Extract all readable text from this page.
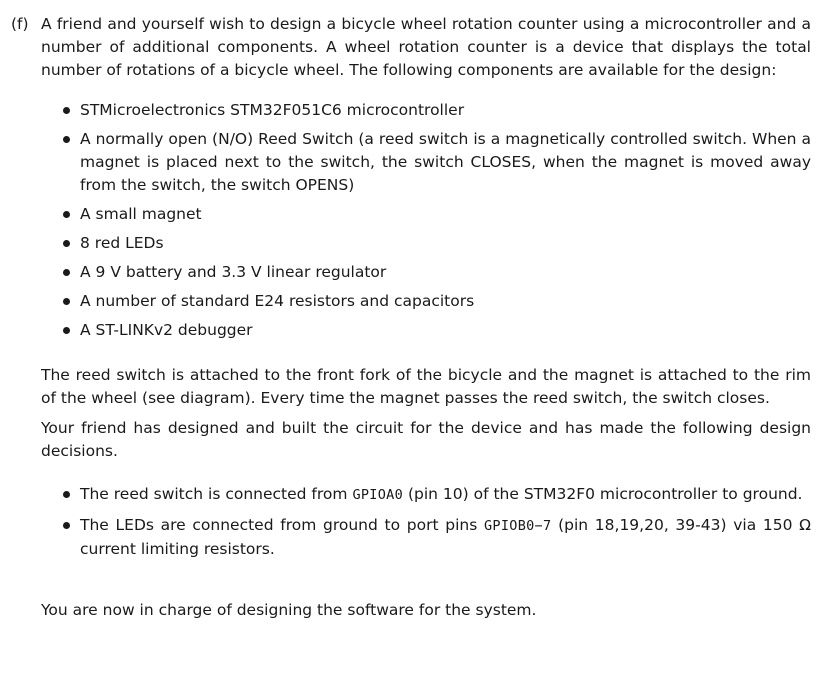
(f) A friend and yourself wish to design a bicycle wheel rotation counter using a microcontroller and a number of additional components. A wheel rotation counter is a device that displays the total number of rotations of a bicycle wheel. The following components are available for the design:

STMicroelectronics STM32F051C6 microcontroller
A normally open (N/O) Reed Switch (a reed switch is a magnetically controlled switch. When a magnet is placed next to the switch, the switch CLOSES, when the magnet is moved away from the switch, the switch OPENS)
A small magnet
8 red LEDs
A 9 V battery and 3.3 V linear regulator
A number of standard E24 resistors and capacitors
A ST-LINKv2 debugger

The reed switch is attached to the front fork of the bicycle and the magnet is attached to the rim of the wheel (see diagram). Every time the magnet passes the reed switch, the switch closes.

Your friend has designed and built the circuit for the device and has made the following design decisions.

The reed switch is connected from GPIOA0 (pin 10) of the STM32F0 microcontroller to ground.
The LEDs are connected from ground to port pins GPIOB0−7 (pin 18,19,20, 39-43) via 150 Ω current limiting resistors.

You are now in charge of designing the software for the system.
